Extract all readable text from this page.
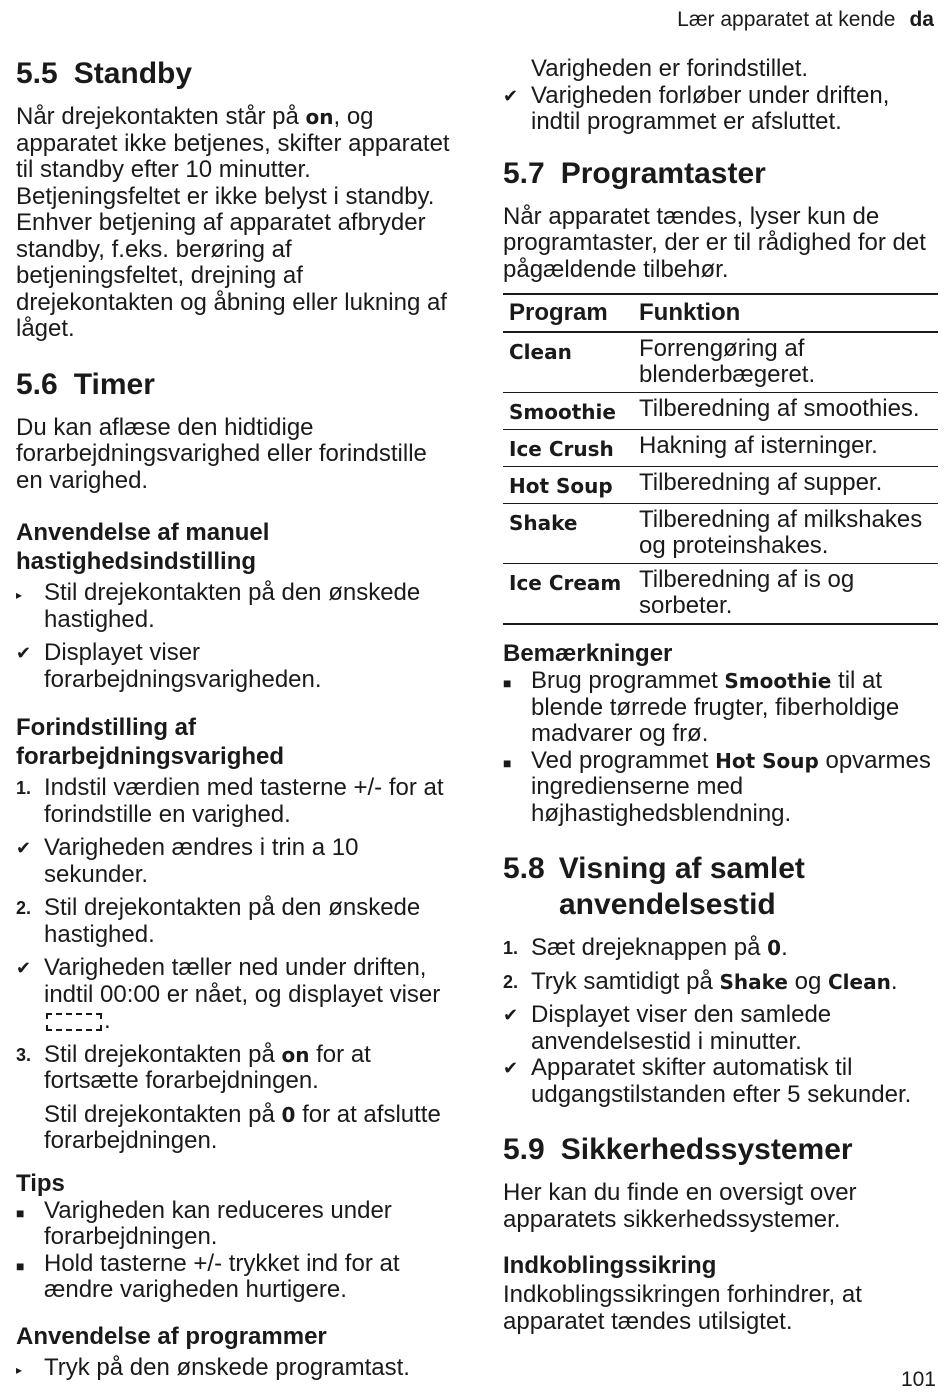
Lær apparatet at kende da
5.5 Standby

Når drejekontakten står på on, og apparatet ikke betjenes, skifter apparatet til standby efter 10 minutter. Betjeningsfeltet er ikke belyst i standby. Enhver betjening af apparatet afbryder standby, f.eks. berøring af betjeningsfeltet, drejning af drejekontakten og åbning eller lukning af låget.

5.6 Timer

Du kan aflæse den hidtidige forarbejdningsvarighed eller forindstille en varighed.

Anvendelse af manuel hastighedsindstilling
▸ Stil drejekontakten på den ønskede hastighed.
✔ Displayet viser forarbejdningsvarigheden.
Forindstilling af forarbejdningsvarighed
1. Indstil værdien med tasterne +/- for at forindstille en varighed.
✔ Varigheden ændres i trin a 10 sekunder.
2. Stil drejekontakten på den ønskede hastighed.
✔ Varigheden tæller ned under driften, indtil 00:00 er nået, og displayet viser .
3. Stil drejekontakten på on for at fortsætte forarbejdningen.
Stil drejekontakten på 0 for at afslutte forarbejdningen.
Tips
■ Varigheden kan reduceres under forarbejdningen.
■ Hold tasterne +/- trykket ind for at ændre varigheden hurtigere.
Anvendelse af programmer
▸ Tryk på den ønskede programtast.
Varigheden er forindstillet.
✔ Varigheden forløber under driften, indtil programmet er afsluttet.
5.7 Programtaster

Når apparatet tændes, lyser kun de programtaster, der er til rådighed for det pågældende tilbehør.

Program	Funktion
Clean	Forrengøring af blenderbægeret.
Smoothie	Tilberedning af smoothies.
Ice Crush	Hakning af isterninger.
Hot Soup	Tilberedning af supper.
Shake	Tilberedning af milkshakes og proteinshakes.
Ice Cream	Tilberedning af is og sorbeter.
Bemærkninger
■ Brug programmet Smoothie til at blende tørrede frugter, fiberholdige madvarer og frø.
■ Ved programmet Hot Soup opvarmes ingredienserne med højhastighedsblendning.
5.8 Visning af samlet anvendelsestid
1. Sæt drejeknappen på 0.
2. Tryk samtidigt på Shake og Clean.
✔ Displayet viser den samlede anvendelsestid i minutter.
✔ Apparatet skifter automatisk til udgangstilstanden efter 5 sekunder.
5.9 Sikkerhedssystemer

Her kan du finde en oversigt over apparatets sikkerhedssystemer.

Indkoblingssikring

Indkoblingssikringen forhindrer, at apparatet tændes utilsigtet.

101
